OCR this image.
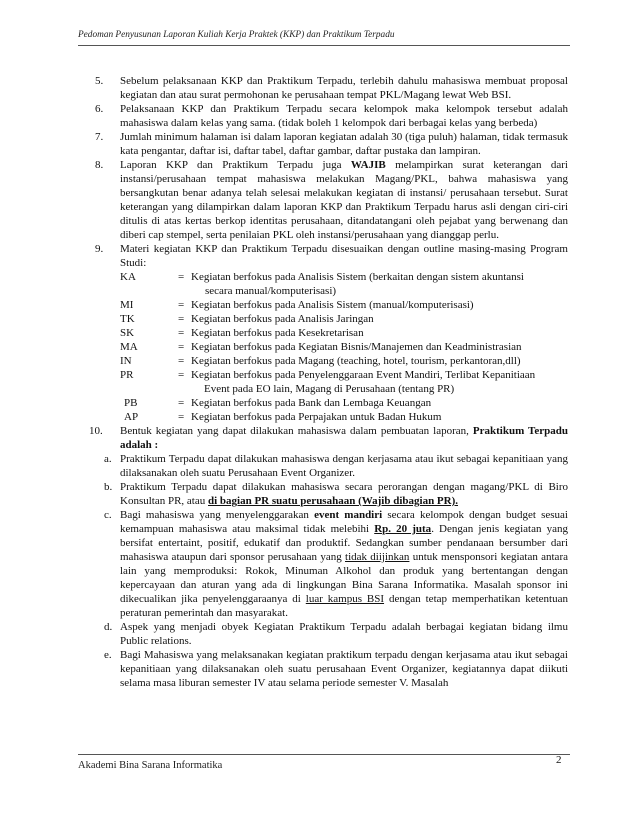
Pedoman Penyusunan Laporan Kuliah Kerja Praktek (KKP) dan Praktikum Terpadu
5. Sebelum pelaksanaan KKP dan Praktikum Terpadu, terlebih dahulu mahasiswa membuat proposal kegiatan dan atau surat permohonan ke perusahaan tempat PKL/Magang lewat Web BSI.
6. Pelaksanaan KKP dan Praktikum Terpadu secara kelompok maka kelompok tersebut adalah mahasiswa dalam kelas yang sama. (tidak boleh 1 kelompok dari berbagai kelas yang berbeda)
7. Jumlah minimum halaman isi dalam laporan kegiatan adalah 30 (tiga puluh) halaman, tidak termasuk kata pengantar, daftar isi, daftar tabel, daftar gambar, daftar pustaka dan lampiran.
8. Laporan KKP dan Praktikum Terpadu juga WAJIB melampirkan surat keterangan dari instansi/perusahaan tempat mahasiswa melakukan Magang/PKL, bahwa mahasiswa yang bersangkutan benar adanya telah selesai melakukan kegiatan di instansi/ perusahaan tersebut. Surat keterangan yang dilampirkan dalam laporan KKP dan Praktikum Terpadu harus asli dengan ciri-ciri ditulis di atas kertas berkop identitas perusahaan, ditandatangani oleh pejabat yang berwenang dan diberi cap stempel, serta penilaian PKL oleh instansi/perusahaan yang dianggap perlu.
9. Materi kegiatan KKP dan Praktikum Terpadu disesuaikan dengan outline masing-masing Program Studi:
KA	= Kegiatan berfokus pada Analisis Sistem (berkaitan dengan sistem akuntansi
secara manual/komputerisasi)
MI	= Kegiatan berfokus pada Analisis Sistem (manual/komputerisasi)
TK	= Kegiatan berfokus pada Analisis Jaringan
SK	= Kegiatan berfokus pada Kesekretarisan
MA	= Kegiatan berfokus pada Kegiatan Bisnis/Manajemen dan Keadministrasian
IN	= Kegiatan berfokus pada Magang (teaching, hotel, tourism, perkantoran,dll)
PR	= Kegiatan berfokus pada Penyelenggaraan Event Mandiri, Terlibat Kepanitiaan
Event pada EO lain, Magang di Perusahaan (tentang PR)
PB	= Kegiatan berfokus pada Bank dan Lembaga Keuangan
AP	= Kegiatan berfokus pada Perpajakan untuk Badan Hukum
10. Bentuk kegiatan yang dapat dilakukan mahasiswa dalam pembuatan laporan, Praktikum Terpadu adalah :
a. Praktikum Terpadu dapat dilakukan mahasiswa dengan kerjasama atau ikut sebagai kepanitiaan yang dilaksanakan oleh suatu Perusahaan Event Organizer.
b. Praktikum Terpadu dapat dilakukan mahasiswa secara perorangan dengan magang/PKL di Biro Konsultan PR, atau di bagian PR suatu perusahaan (Wajib dibagian PR).
c. Bagi mahasiswa yang menyelenggarakan event mandiri secara kelompok dengan budget sesuai kemampuan mahasiswa atau maksimal tidak melebihi Rp. 20 juta. Dengan jenis kegiatan yang bersifat entertaint, positif, edukatif dan produktif. Sedangkan sumber pendanaan bersumber dari mahasiswa ataupun dari sponsor perusahaan yang tidak diijinkan untuk mensponsori kegiatan antara lain yang memproduksi: Rokok, Minuman Alkohol dan produk yang bertentangan dengan kepercayaan dan aturan yang ada di lingkungan Bina Sarana Informatika. Masalah sponsor ini dikecualikan jika penyelenggaraanya di luar kampus BSI dengan tetap memperhatikan ketentuan peraturan pemerintah dan masyarakat.
d. Aspek yang menjadi obyek Kegiatan Praktikum Terpadu adalah berbagai kegiatan bidang ilmu Public relations.
e. Bagi Mahasiswa yang melaksanakan kegiatan praktikum terpadu dengan kerjasama atau ikut sebagai kepanitiaan yang dilaksanakan oleh suatu perusahaan Event Organizer, kegiatannya dapat diikuti selama masa liburan semester IV atau selama periode semester V. Masalah
Akademi Bina Sarana Informatika	2
